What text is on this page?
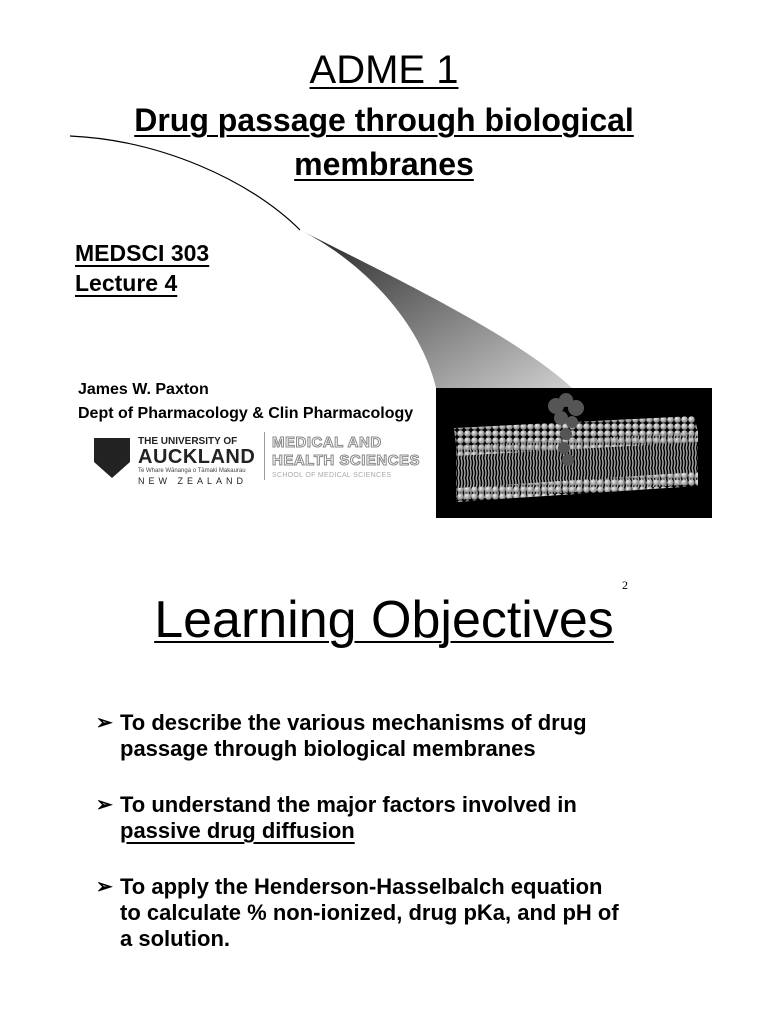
ADME 1
Drug passage through biological
membranes
MEDSCI 303
Lecture 4
James W. Paxton
Dept of Pharmacology & Clin Pharmacology
THE UNIVERSITY OF
AUCKLAND
Te Whare Wānanga o Tāmaki Makaurau
NEW ZEALAND
MEDICAL AND
HEALTH SCIENCES
SCHOOL OF MEDICAL SCIENCES
2
Learning Objectives
➢ To describe the various mechanisms of drug
passage through biological membranes
➢ To understand the major factors involved in
passive drug diffusion
➢ To apply the Henderson-Hasselbalch equation
to calculate % non-ionized, drug pKa, and pH of
a solution.
